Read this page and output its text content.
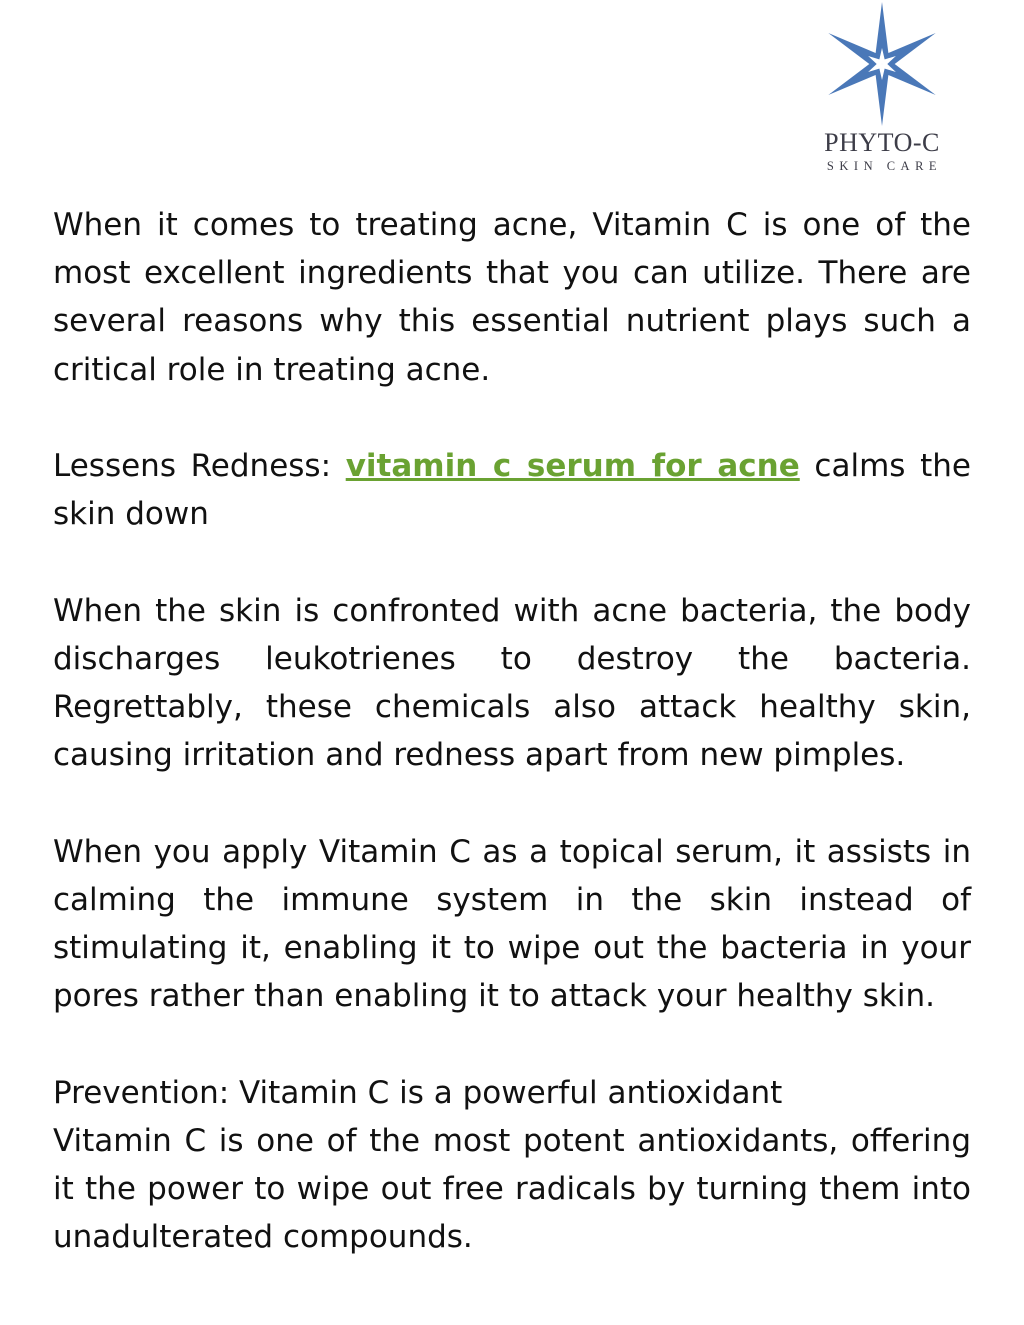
PHYTO-C
SKIN CARE

When it comes to treating acne, Vitamin C is one of the most excellent ingredients that you can utilize. There are several reasons why this essential nutrient plays such a critical role in treating acne.

Lessens Redness: vitamin c serum for acne calms the skin down

When the skin is confronted with acne bacteria, the body discharges leukotrienes to destroy the bacteria. Regrettably, these chemicals also attack healthy skin, causing irritation and redness apart from new pimples.

When you apply Vitamin C as a topical serum, it assists in calming the immune system in the skin instead of stimulating it, enabling it to wipe out the bacteria in your pores rather than enabling it to attack your healthy skin.

Prevention: Vitamin C is a powerful antioxidant

Vitamin C is one of the most potent antioxidants, offering it the power to wipe out free radicals by turning them into unadulterated compounds.
